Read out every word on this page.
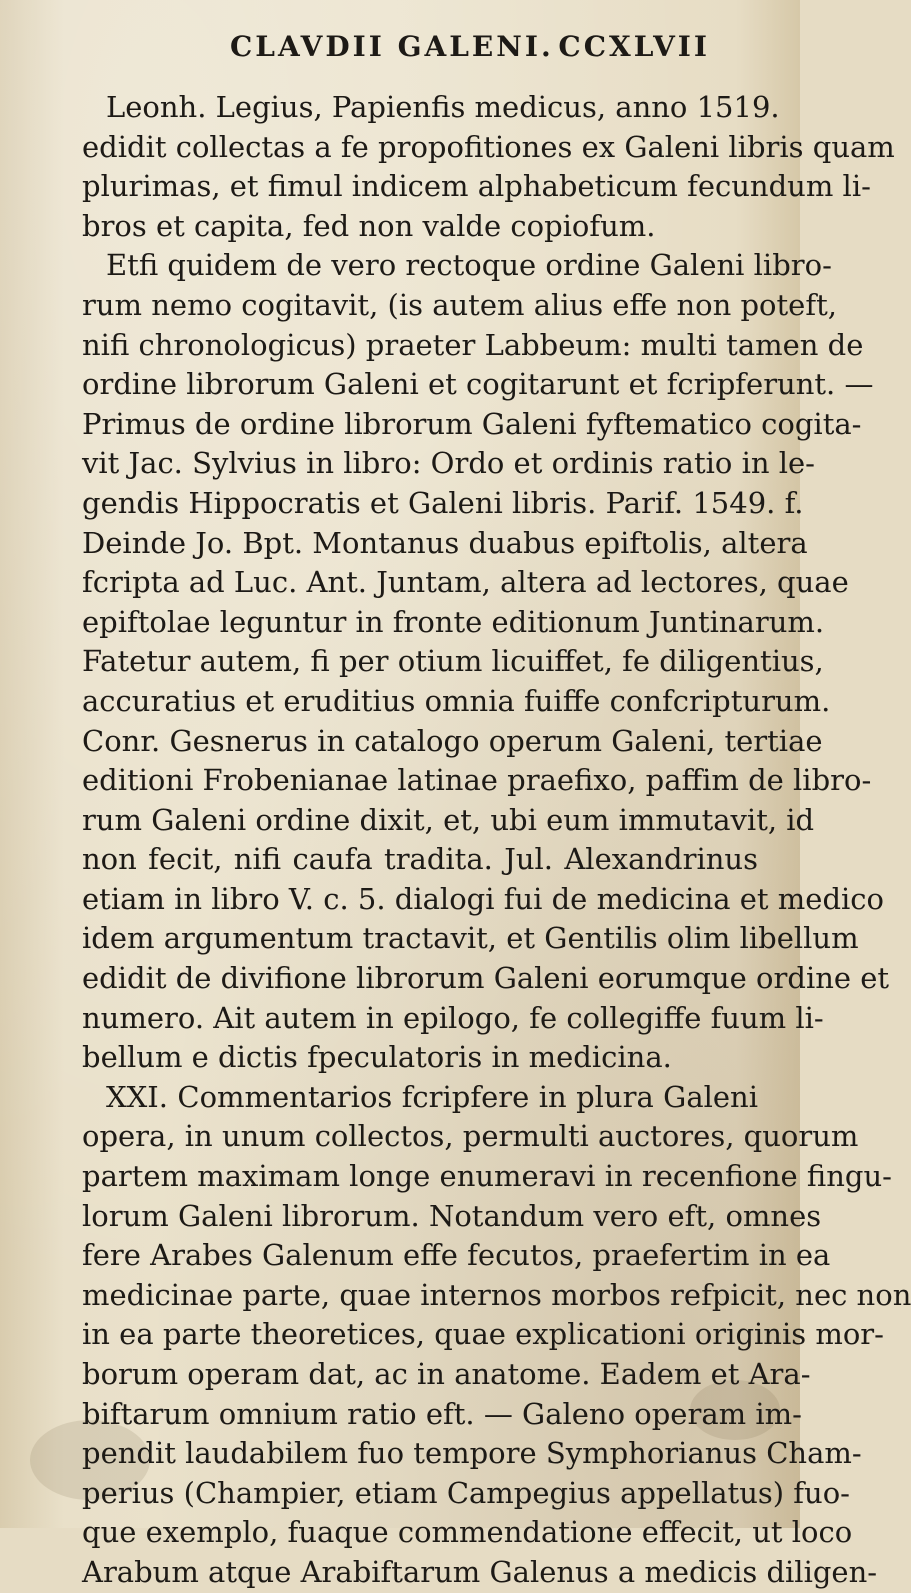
CLAVDII GALENI. CCXLVII
Leonh. Legius, Papienfis medicus, anno 1519.
edidit collectas a fe propofitiones ex Galeni libris quam
plurimas, et fimul indicem alphabeticum fecundum li-
bros et capita, fed non valde copiofum.
Etfi quidem de vero rectoque ordine Galeni libro-
rum nemo cogitavit, (is autem alius effe non poteft,
nifi chronologicus) praeter Labbeum: multi tamen de
ordine librorum Galeni et cogitarunt et fcripferunt. —
Primus de ordine librorum Galeni fyftematico cogita-
vit Jac. Sylvius in libro: Ordo et ordinis ratio in le-
gendis Hippocratis et Galeni libris. Parif. 1549. f.
Deinde Jo. Bpt. Montanus duabus epiftolis, altera
fcripta ad Luc. Ant. Juntam, altera ad lectores, quae
epiftolae leguntur in fronte editionum Juntinarum.
Fatetur autem, fi per otium licuiffet, fe diligentius,
accuratius et eruditius omnia fuiffe confcripturum.
Conr. Gesnerus in catalogo operum Galeni, tertiae
editioni Frobenianae latinae praefixo, paffim de libro-
rum Galeni ordine dixit, et, ubi eum immutavit, id
non fecit, nifi caufa tradita. Jul. Alexandrinus
etiam in libro V. c. 5. dialogi fui de medicina et medico
idem argumentum tractavit, et Gentilis olim libellum
edidit de divifione librorum Galeni eorumque ordine et
numero. Ait autem in epilogo, fe collegiffe fuum li-
bellum e dictis fpeculatoris in medicina.
XXI. Commentarios fcripfere in plura Galeni
opera, in unum collectos, permulti auctores, quorum
partem maximam longe enumeravi in recenfione fingu-
lorum Galeni librorum. Notandum vero eft, omnes
fere Arabes Galenum effe fecutos, praefertim in ea
medicinae parte, quae internos morbos refpicit, nec non
in ea parte theoretices, quae explicationi originis mor-
borum operam dat, ac in anatome. Eadem et Ara-
biftarum omnium ratio eft. — Galeno operam im-
pendit laudabilem fuo tempore Symphorianus Cham-
perius (Champier, etiam Campegius appellatus) fuo-
que exemplo, fuaque commendatione effecit, ut loco
Arabum atque Arabiftarum Galenus a medicis diligen-
